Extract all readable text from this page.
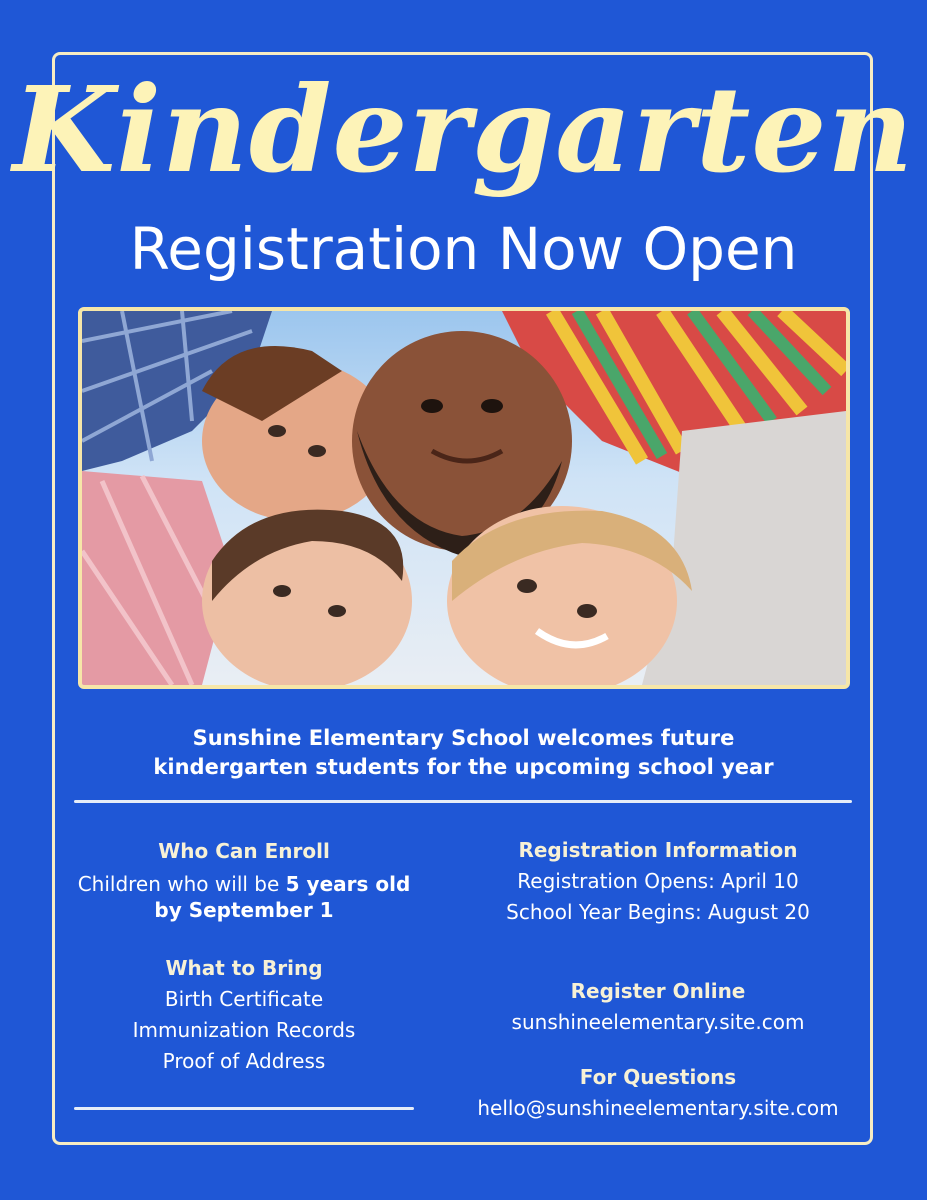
Kindergarten
Registration Now Open
Sunshine Elementary School welcomes future
kindergarten students for the upcoming school year
Who Can Enroll
Children who will be 5 years old
by September 1
What to Bring
Birth Certificate
Immunization Records
Proof of Address
Registration Information
Registration Opens: April 10
School Year Begins: August 20
Register Online
sunshineelementary.site.com
For Questions
hello@sunshineelementary.site.com
